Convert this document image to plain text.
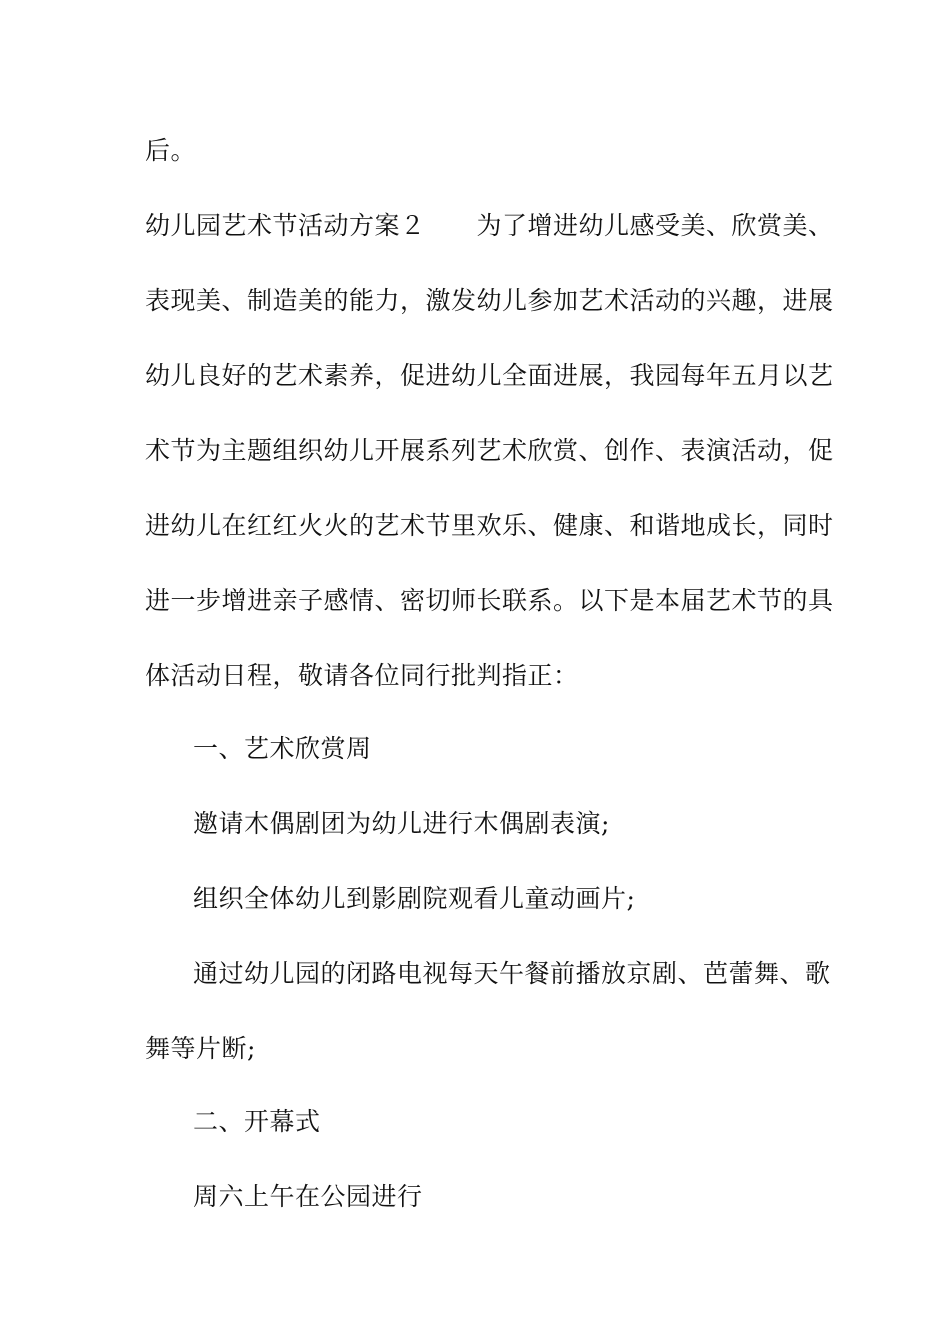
后。
幼儿园艺术节活动方案２　　为了增进幼儿感受美、欣赏美、
表现美、制造美的能力，激发幼儿参加艺术活动的兴趣，进展
幼儿良好的艺术素养，促进幼儿全面进展，我园每年五月以艺
术节为主题组织幼儿开展系列艺术欣赏、创作、表演活动，促
进幼儿在红红火火的艺术节里欢乐、健康、和谐地成长，同时
进一步增进亲子感情、密切师长联系。以下是本届艺术节的具
体活动日程，敬请各位同行批判指正：
一、艺术欣赏周
邀请木偶剧团为幼儿进行木偶剧表演;
组织全体幼儿到影剧院观看儿童动画片;
通过幼儿园的闭路电视每天午餐前播放京剧、芭蕾舞、歌
舞等片断;
二、开幕式
周六上午在公园进行
